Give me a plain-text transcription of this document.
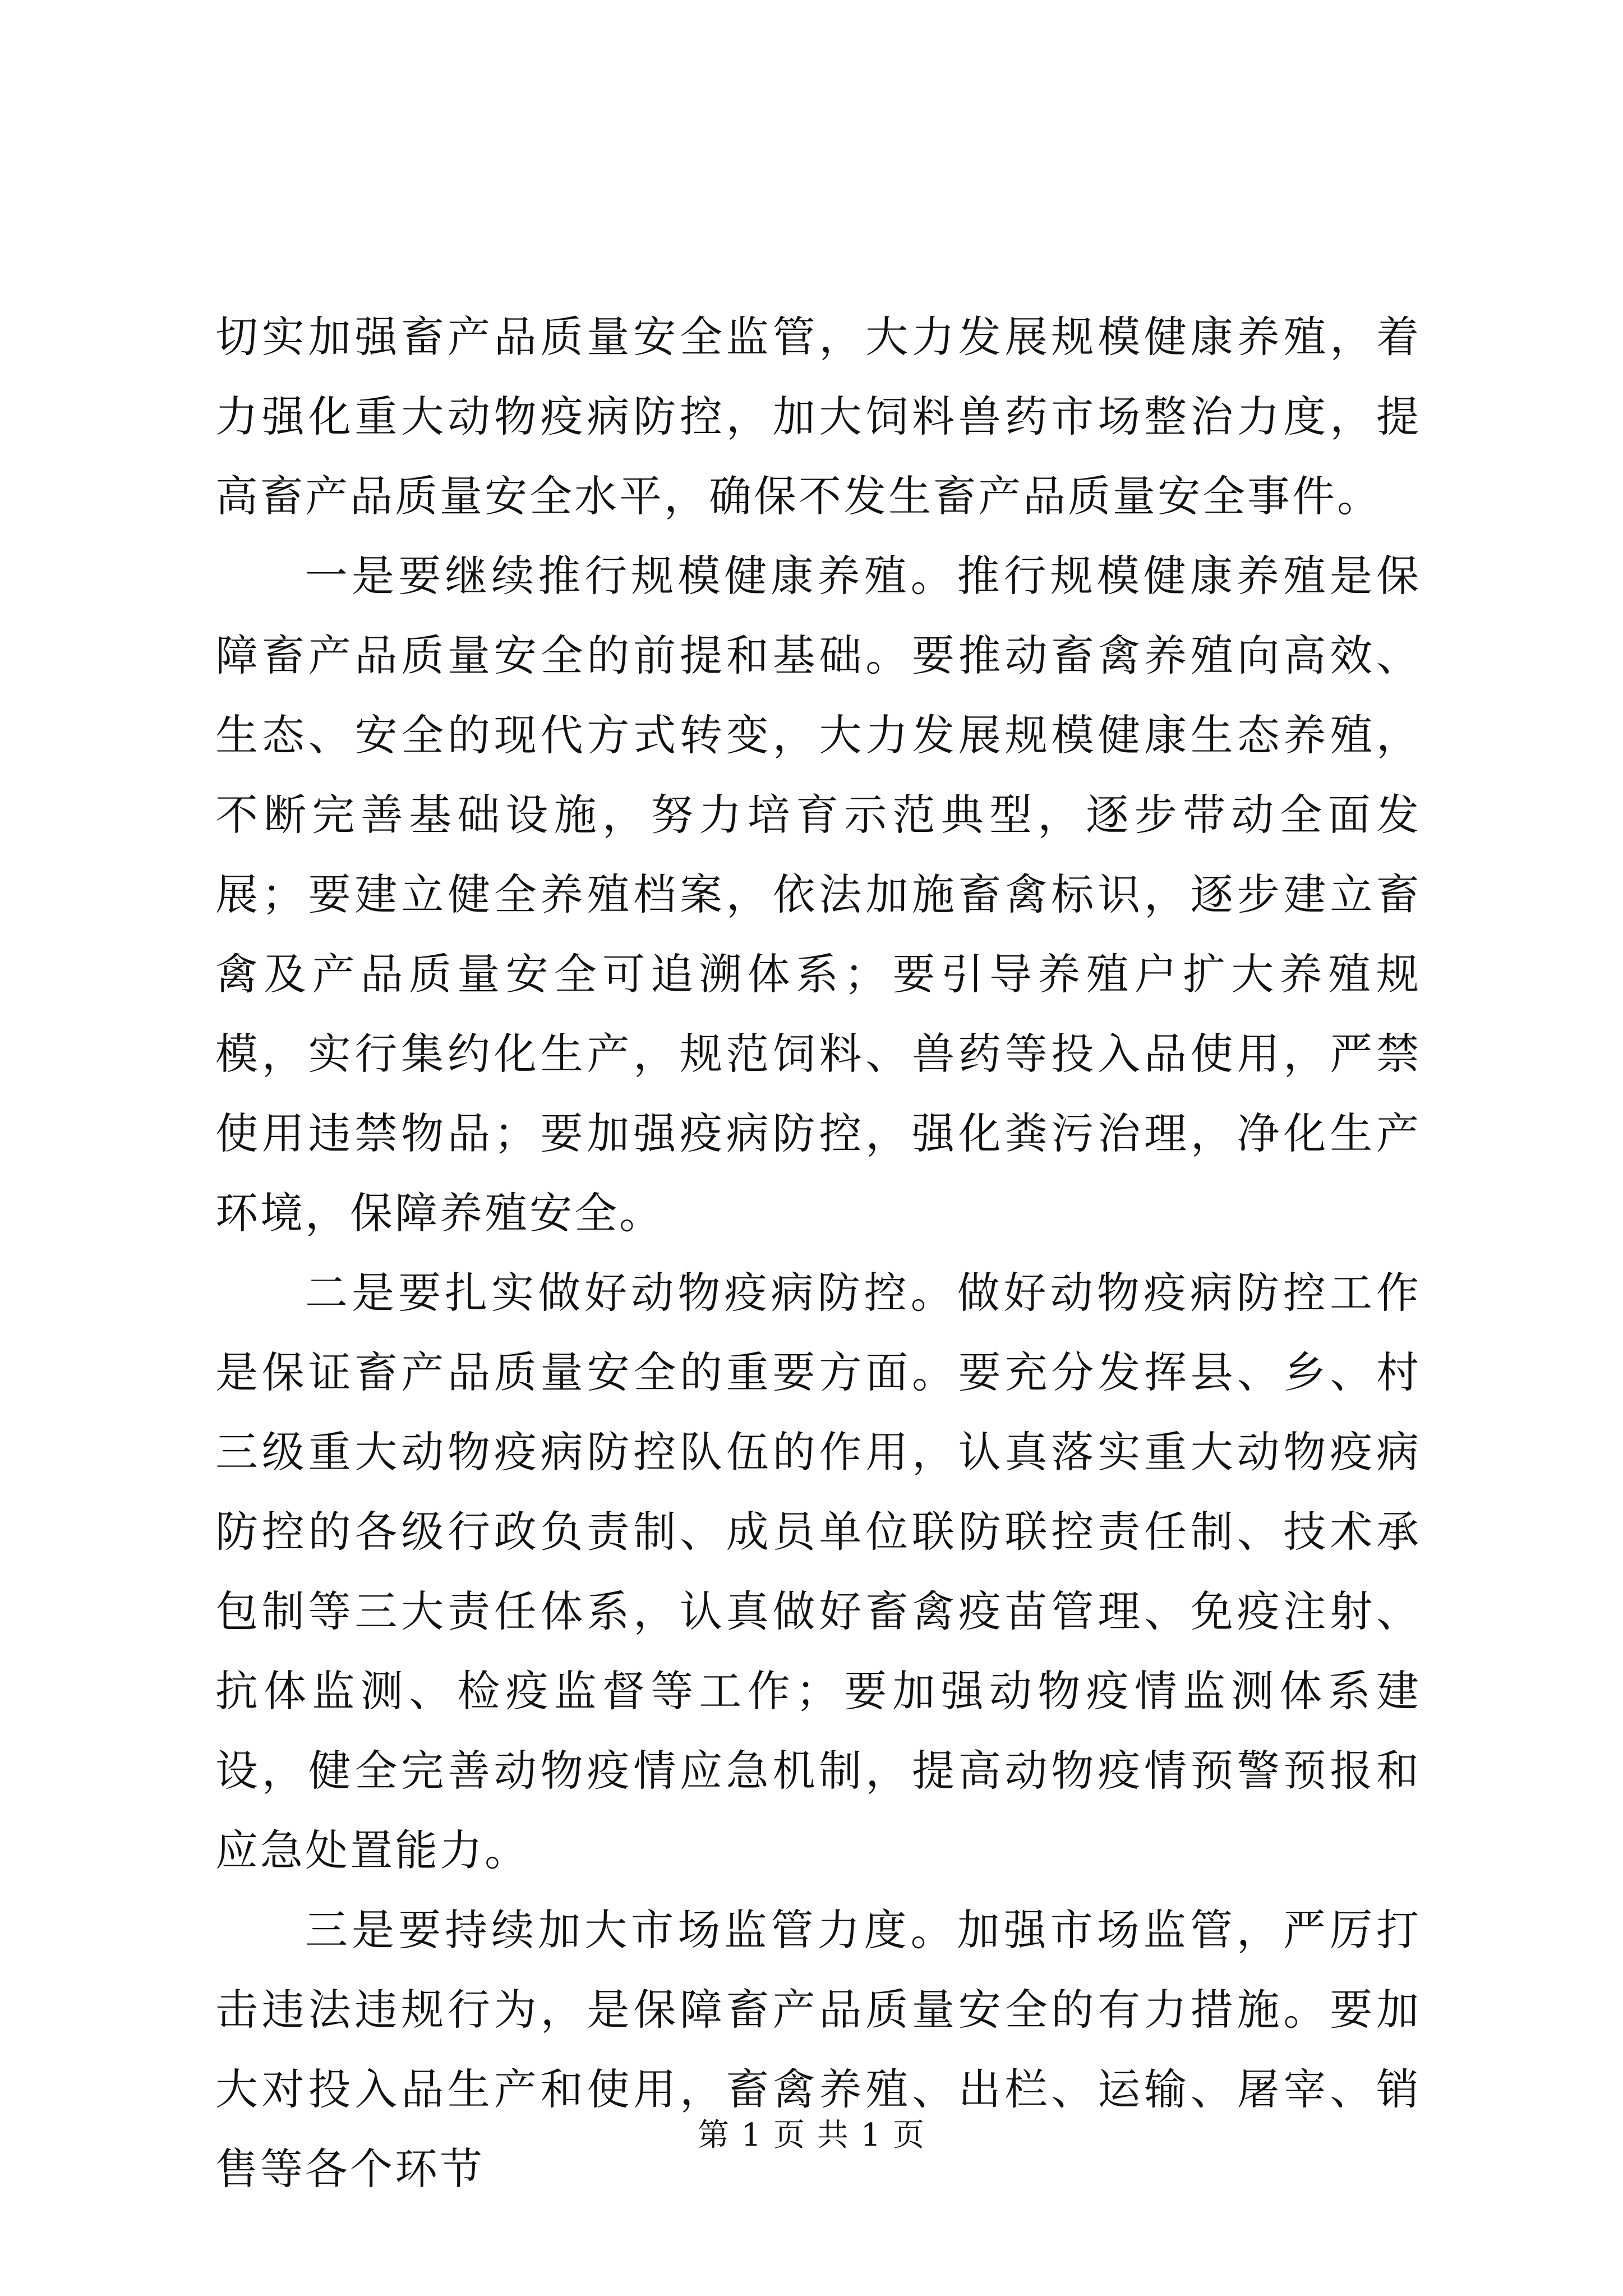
切实加强畜产品质量安全监管，大力发展规模健康养殖，着力强化重大动物疫病防控，加大饲料兽药市场整治力度，提高畜产品质量安全水平，确保不发生畜产品质量安全事件。

一是要继续推行规模健康养殖。推行规模健康养殖是保障畜产品质量安全的前提和基础。要推动畜禽养殖向高效、生态、安全的现代方式转变，大力发展规模健康生态养殖，不断完善基础设施，努力培育示范典型，逐步带动全面发展；要建立健全养殖档案，依法加施畜禽标识，逐步建立畜禽及产品质量安全可追溯体系；要引导养殖户扩大养殖规模，实行集约化生产，规范饲料、兽药等投入品使用，严禁使用违禁物品；要加强疫病防控，强化粪污治理，净化生产环境，保障养殖安全。

二是要扎实做好动物疫病防控。做好动物疫病防控工作是保证畜产品质量安全的重要方面。要充分发挥县、乡、村三级重大动物疫病防控队伍的作用，认真落实重大动物疫病防控的各级行政负责制、成员单位联防联控责任制、技术承包制等三大责任体系，认真做好畜禽疫苗管理、免疫注射、抗体监测、检疫监督等工作；要加强动物疫情监测体系建设，健全完善动物疫情应急机制，提高动物疫情预警预报和应急处置能力。

三是要持续加大市场监管力度。加强市场监管，严厉打击违法违规行为，是保障畜产品质量安全的有力措施。要加大对投入品生产和使用，畜禽养殖、出栏、运输、屠宰、销售等各个环节

第 1 页 共 1 页
